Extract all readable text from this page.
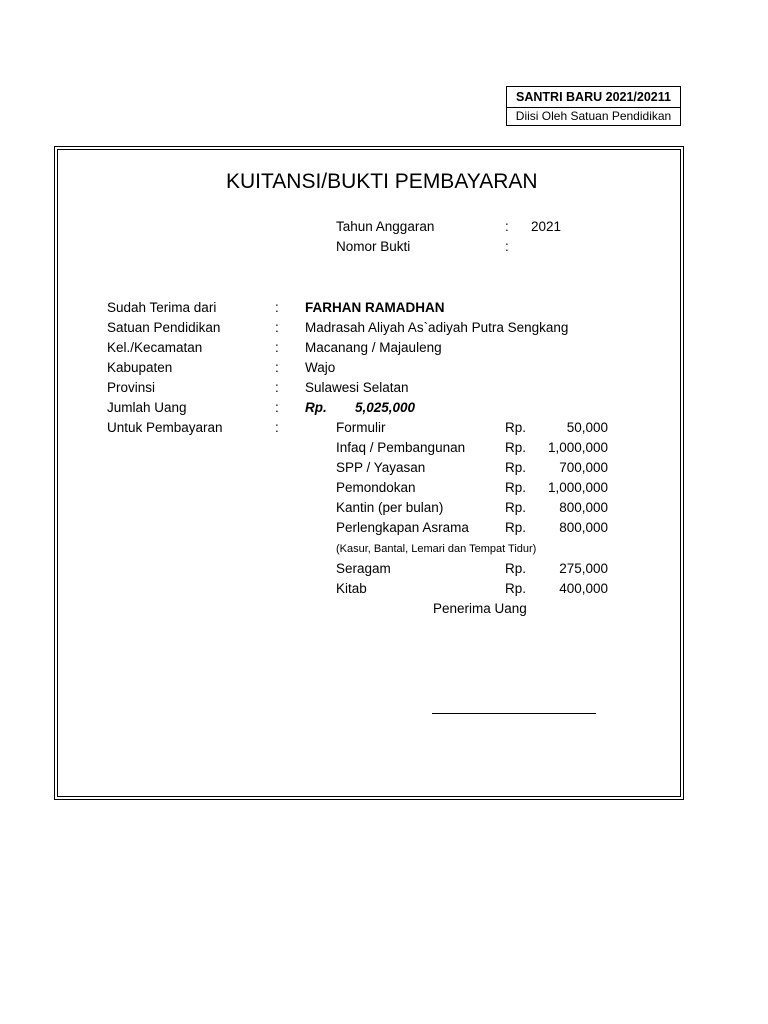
SANTRI BARU 2021/20211
Diisi Oleh Satuan Pendidikan
KUITANSI/BUKTI PEMBAYARAN
Tahun Anggaran	: 2021
Nomor Bukti	:
Sudah Terima dari	: FARHAN RAMADHAN
Satuan Pendidikan	: Madrasah Aliyah As`adiyah Putra Sengkang
Kel./Kecamatan	: Macanang / Majauleng
Kabupaten	: Wajo
Provinsi	: Sulawesi Selatan
Jumlah Uang	: Rp. 5,025,000
Untuk Pembayaran	:	Formulir	Rp.	50,000
Infaq / Pembangunan	Rp.	1,000,000
SPP / Yayasan	Rp.	700,000
Pemondokan	Rp.	1,000,000
Kantin (per bulan)	Rp.	800,000
Perlengkapan Asrama	Rp.	800,000
(Kasur, Bantal, Lemari dan Tempat Tidur)
Seragam	Rp.	275,000
Kitab	Rp.	400,000
Penerima Uang
